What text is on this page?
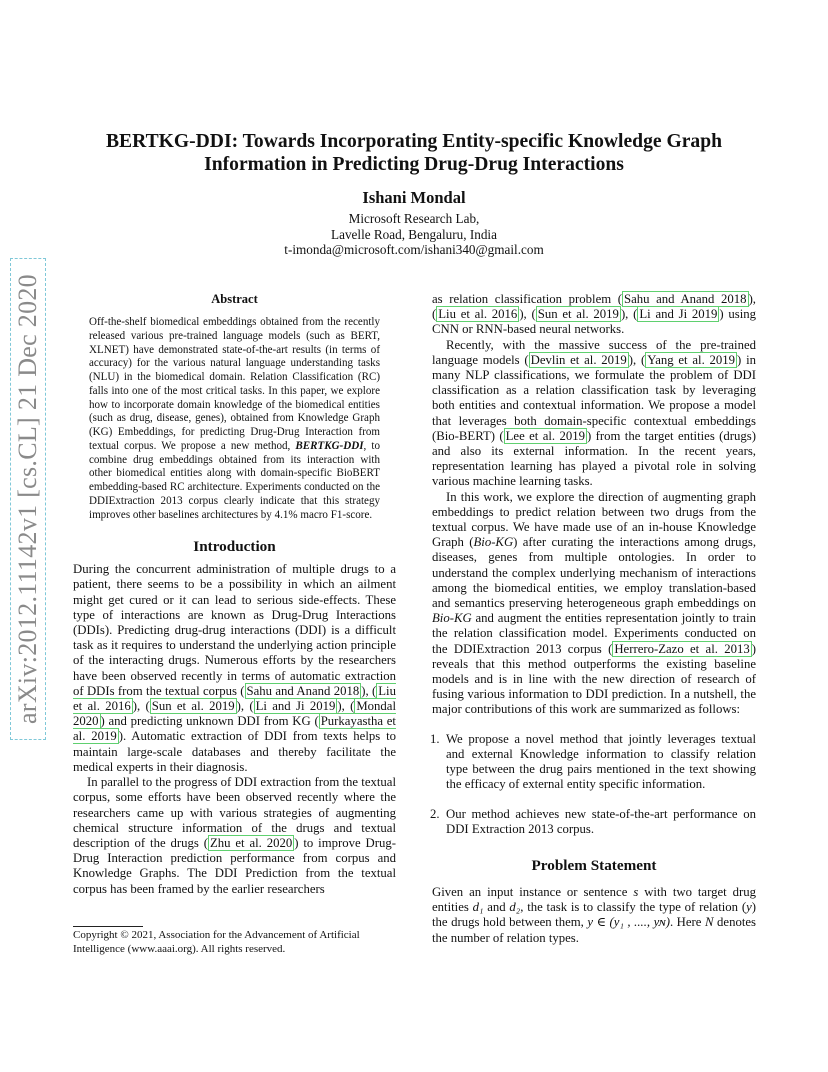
arXiv:2012.11142v1 [cs.CL] 21 Dec 2020
BERTKG-DDI: Towards Incorporating Entity-specific Knowledge Graph
Information in Predicting Drug-Drug Interactions
Ishani Mondal
Microsoft Research Lab,
Lavelle Road, Bengaluru, India
t-imonda@microsoft.com/ishani340@gmail.com
Abstract

Off-the-shelf biomedical embeddings obtained from the recently released various pre-trained language models (such as BERT, XLNET) have demonstrated state-of-the-art results (in terms of accuracy) for the various natural language understanding tasks (NLU) in the biomedical domain. Relation Classification (RC) falls into one of the most critical tasks. In this paper, we explore how to incorporate domain knowledge of the biomedical entities (such as drug, disease, genes), obtained from Knowledge Graph (KG) Embeddings, for predicting Drug-Drug Interaction from textual corpus. We propose a new method, BERTKG-DDI, to combine drug embeddings obtained from its interaction with other biomedical entities along with domain-specific BioBERT embedding-based RC architecture. Experiments conducted on the DDIExtraction 2013 corpus clearly indicate that this strategy improves other baselines architectures by 4.1% macro F1-score.

Introduction

During the concurrent administration of multiple drugs to a patient, there seems to be a possibility in which an ailment might get cured or it can lead to serious side-effects. These type of interactions are known as Drug-Drug Interactions (DDIs). Predicting drug-drug interactions (DDI) is a difficult task as it requires to understand the underlying action principle of the interacting drugs. Numerous efforts by the researchers have been observed recently in terms of automatic extraction of DDIs from the textual corpus ( Sahu and Anand 2018 ), ( Liu et al. 2016 ), ( Sun et al. 2019 ), ( Li and Ji 2019 ), ( Mondal 2020 ) and predicting unknown DDI from KG ( Purkayastha et al. 2019 ). Automatic extraction of DDI from texts helps to maintain large-scale databases and thereby facilitate the medical experts in their diagnosis.

In parallel to the progress of DDI extraction from the textual corpus, some efforts have been observed recently where the researchers came up with various strategies of augmenting chemical structure information of the drugs and textual description of the drugs ( Zhu et al. 2020 ) to improve Drug-Drug Interaction prediction performance from corpus and Knowledge Graphs. The DDI Prediction from the textual corpus has been framed by the earlier researchers

as relation classification problem ( Sahu and Anand 2018 ), ( Liu et al. 2016 ), ( Sun et al. 2019 ), ( Li and Ji 2019 ) using CNN or RNN-based neural networks.

Recently, with the massive success of the pre-trained language models ( Devlin et al. 2019 ), ( Yang et al. 2019 ) in many NLP classifications, we formulate the problem of DDI classification as a relation classification task by leveraging both entities and contextual information. We propose a model that leverages both domain-specific contextual embeddings (Bio-BERT) ( Lee et al. 2019 ) from the target entities (drugs) and also its external information. In the recent years, representation learning has played a pivotal role in solving various machine learning tasks.

In this work, we explore the direction of augmenting graph embeddings to predict relation between two drugs from the textual corpus. We have made use of an in-house Knowledge Graph (Bio-KG) after curating the interactions among drugs, diseases, genes from multiple ontologies. In order to understand the complex underlying mechanism of interactions among the biomedical entities, we employ translation-based and semantics preserving heterogeneous graph embeddings on Bio-KG and augment the entities representation jointly to train the relation classification model. Experiments conducted on the DDIExtraction 2013 corpus ( Herrero-Zazo et al. 2013 ) reveals that this method outperforms the existing baseline models and is in line with the new direction of research of fusing various information to DDI prediction. In a nutshell, the major contributions of this work are summarized as follows:

1. We propose a novel method that jointly leverages textual and external Knowledge information to classify relation type between the drug pairs mentioned in the text showing the efficacy of external entity specific information.
2. Our method achieves new state-of-the-art performance on DDI Extraction 2013 corpus.
Problem Statement

Given an input instance or sentence s with two target drug entities d₁ and d₂, the task is to classify the type of relation (y) the drugs hold between them, y ∈ (y₁ , ...., yɴ). Here N denotes the number of relation types.

Copyright © 2021, Association for the Advancement of Artificial Intelligence (www.aaai.org). All rights reserved.
